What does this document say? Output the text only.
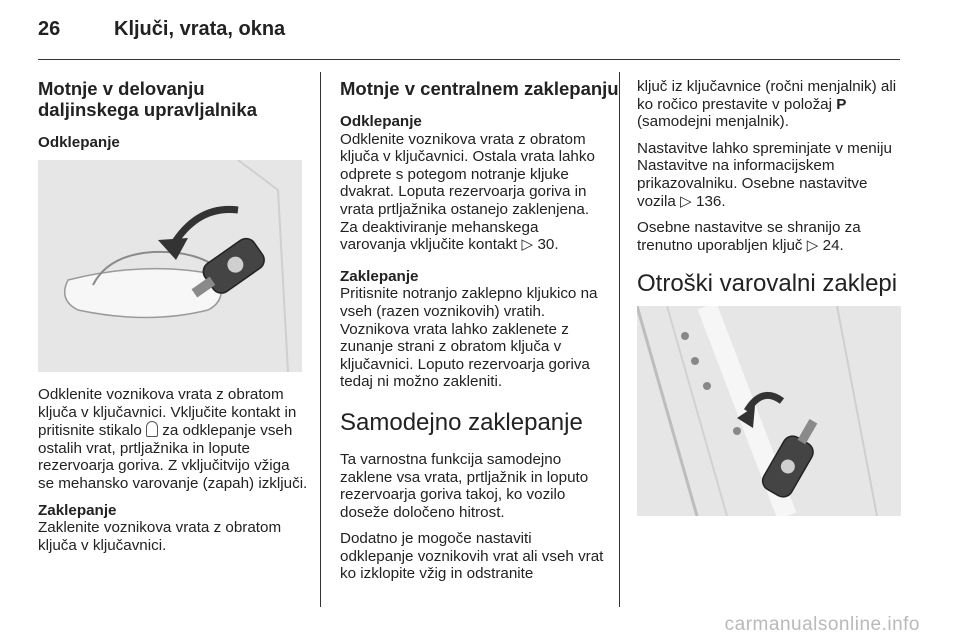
26	Ključi, vrata, okna
Motnje v delovanju daljinskega upravljalnika
Odklepanje

Odklenite voznikova vrata z obratom ključa v ključavnici. Vključite kontakt in pritisnite stikalo za odklepanje vseh ostalih vrat, prtljažnika in lopute rezervoarja goriva. Z vključitvijo vžiga se mehansko varovanje (zapah) izključi.

Zaklepanje

Zaklenite voznikova vrata z obratom ključa v ključavnici.

Motnje v centralnem zaklepanju
Odklepanje

Odklenite voznikova vrata z obratom ključa v ključavnici. Ostala vrata lahko odprete s potegom notranje kljuke dvakrat. Loputa rezervoarja goriva in vrata prtljažnika ostanejo zaklenjena. Za deaktiviranje mehanskega varovanja vključite kontakt ▷ 30.

Zaklepanje

Pritisnite notranjo zaklepno kljukico na vseh (razen voznikovih) vratih. Voznikova vrata lahko zaklenete z zunanje strani z obratom ključa v ključavnici. Loputo rezervoarja goriva tedaj ni možno zakleniti.

Samodejno zaklepanje

Ta varnostna funkcija samodejno zaklene vsa vrata, prtljažnik in loputo rezervoarja goriva takoj, ko vozilo doseže določeno hitrost.

Dodatno je mogoče nastaviti odklepanje voznikovih vrat ali vseh vrat ko izklopite vžig in odstranite

ključ iz ključavnice (ročni menjalnik) ali ko ročico prestavite v položaj P (samodejni menjalnik).

Nastavitve lahko spreminjate v meniju Nastavitve na informacijskem prikazovalniku. Osebne nastavitve vozila ▷ 136.

Osebne nastavitve se shranijo za trenutno uporabljen ključ ▷ 24.

Otroški varovalni zaklepi
carmanualsonline.info
